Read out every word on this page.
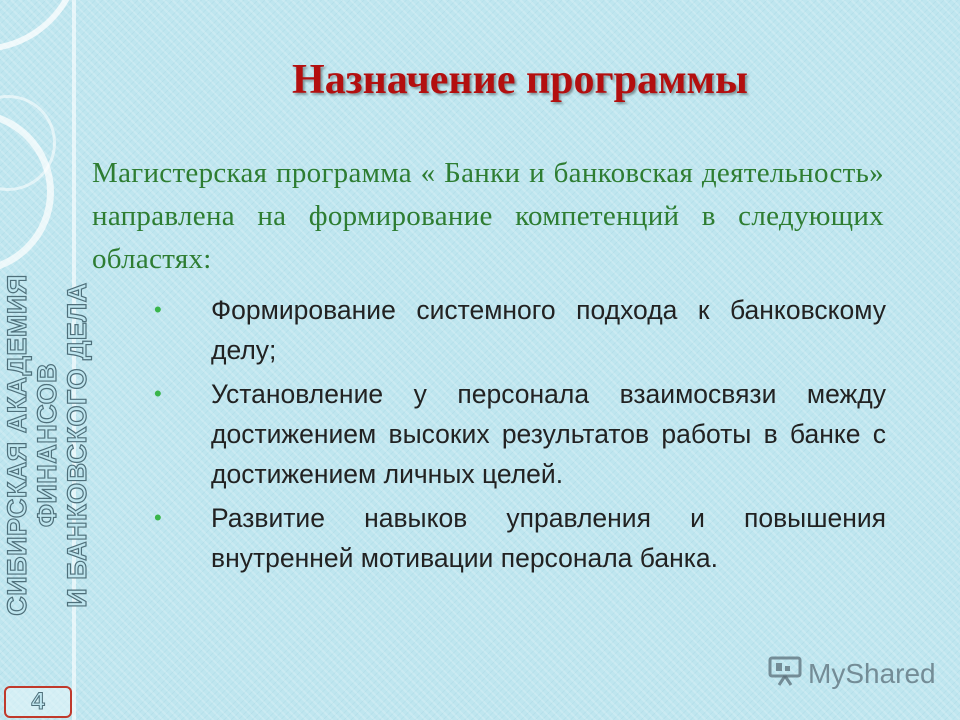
СИБИРСКАЯ АКАДЕМИЯ ФИНАНСОВ И БАНКОВСКОГО ДЕЛА
4
Назначение программы
Магистерская программа « Банки и банковская деятельность» направлена на формирование компетенций в следующих областях:
• Формирование системного подхода к банковскому делу;
• Установление у персонала взаимосвязи между достижением высоких результатов работы в банке с достижением личных целей.
• Развитие навыков управления и повышения внутренней мотивации персонала банка.
MyShared
